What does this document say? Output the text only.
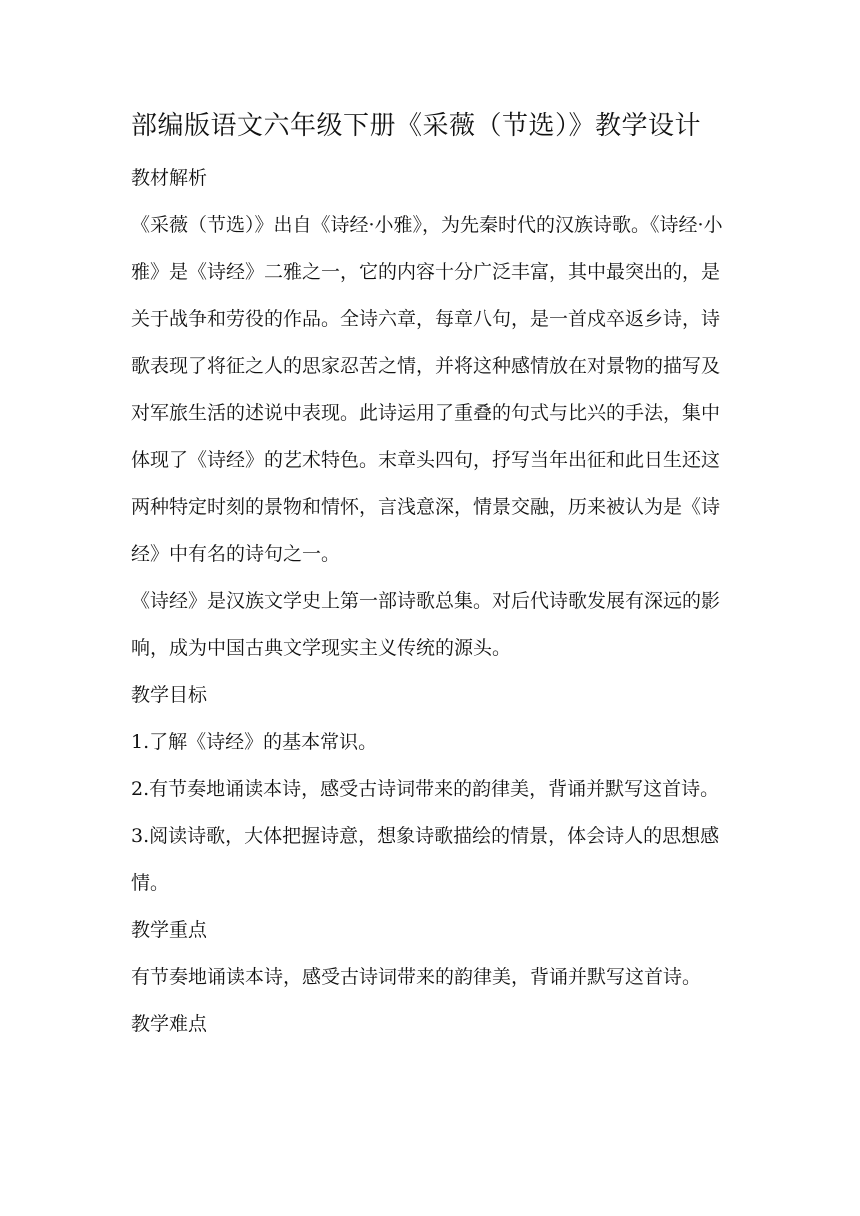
部编版语文六年级下册《采薇（节选）》教学设计
教材解析
《采薇（节选）》出自《诗经·小雅》，为先秦时代的汉族诗歌。《诗经·小雅》是《诗经》二雅之一，它的内容十分广泛丰富，其中最突出的，是关于战争和劳役的作品。全诗六章，每章八句，是一首戍卒返乡诗，诗歌表现了将征之人的思家忍苦之情，并将这种感情放在对景物的描写及对军旅生活的述说中表现。此诗运用了重叠的句式与比兴的手法，集中体现了《诗经》的艺术特色。末章头四句，抒写当年出征和此日生还这两种特定时刻的景物和情怀，言浅意深，情景交融，历来被认为是《诗经》中有名的诗句之一。
《诗经》是汉族文学史上第一部诗歌总集。对后代诗歌发展有深远的影响，成为中国古典文学现实主义传统的源头。
教学目标
1.了解《诗经》的基本常识。
2.有节奏地诵读本诗，感受古诗词带来的韵律美，背诵并默写这首诗。
3.阅读诗歌，大体把握诗意，想象诗歌描绘的情景，体会诗人的思想感情。
教学重点
有节奏地诵读本诗，感受古诗词带来的韵律美，背诵并默写这首诗。
教学难点
